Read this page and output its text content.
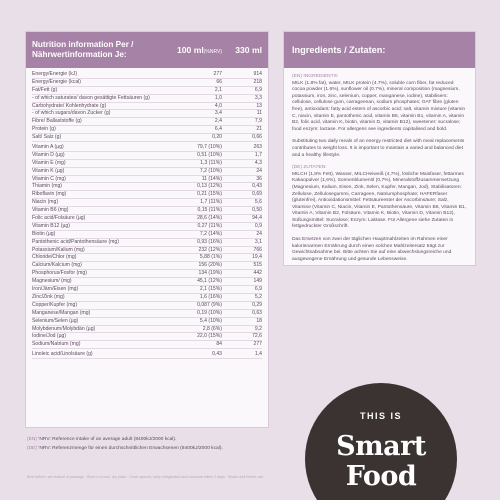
Nutrition information Per /
Nährwertinformation Je:	100 ml(%NRV)	330 ml
Energy/Energie (kJ)	277	914
Energy/Energie (kcal)	66	218
Fat/Fett (g)	2,1	6,9
- of which saturates/ davon gesättigte Fettsäuren (g)	1,0	3,3
Carbohydrate/ Kohlenhydrate (g)	4,0	13
- of which sugars/davon Zucker (g)	3,4	11
Fibre/ Ballaststoffe (g)	2,4	7,9
Protein (g)	6,4	21
Salt/ Salz (g)	0,20	0,66
Vitamin A (µg)	79,7 (10%)	263
Vitamin D (µg)	0,51 (10%)	1,7
Vitamin E (mg)	1,3 (11%)	4,3
Vitamin K (µg)	7,2 (10%)	24
Vitamin C (mg)	11 (14%)	36
Thiamin (mg)	0,13 (12%)	0,43
Riboflavin (mg)	0,21 (15%)	0,69
Niacin (mg)	1,7 (11%)	5,6
Vitamin B6 (mg)	0,15 (11%)	0,50
Folic acid/Folsäure (µg)	28,6 (14%)	94,4
Vitamin B12 (µg)	0,27 (11%)	0,9
Biotin (µg)	7,2 (14%)	24
Pantothenic acid/Pantothensäure (mg)	0,93 (16%)	3,1
Potassium/Kalium (mg)	232 (12%)	766
Chloride/Chlor (mg)	5,88 (1%)	19,4
Calcium/Kalcium (mg)	156 (20%)	515
Phosphorus/Fosfor (mg)	134 (19%)	442
Magnesium/ (mg)	45,1 (12%)	149
Iron/Järn/Eisen (mg)	2,1 (15%)	6,9
Zinc/Zink (mg)	1,6 (16%)	5,2
Copper/Kupfer (mg)	0,087 (9%)	0,29
Manganese/Mangan (mg)	0,19 (10%)	0,63
Selenium/Selen (µg)	5,4 (10%)	18
Molybdenum/Molybdän (µg)	2,8 (6%)	9,2
Iodine/Jod (µg)	22,0 (15%)	72,6
Sodium/Natrium (mg)	84	277
Linoleic acid/Linolsäure (g)	0,43	1,4
(EN) 'NRV: Reference intake of an average adult (8400kJ/2000 kcal).
(DE) 'NRV: Referenzmenge für einen durchschnittlichen Erwachsenen (8400kJ/2000 kcal).
Ingredients / Zutaten:

(EN) INGREDIENTS:
MILK (1.8% fat), water, MILK protein (4.7%), soluble corn fiber, fat reduced cocoa powder (1.6%), sunflower oil (0.7%), mineral composition (magnesium, potassium, iron, zinc, selenium, copper, manganese, iodine), stabilisers: cellulose, cellulose gum, carrageenan, sodium phosphates; OAT fibre (gluten free), antioxidant: fatty acid esters of ascorbic acid; salt, vitamin mixture (vitamin C, niacin, vitamin E, pantothenic acid, vitamin B6, vitamin B1, vitamin A, vitamin B2, folic acid, vitamin K, biotin, vitamin D, vitamin B12), sweetener: sucralose; food enzym: lactase. For allergens see ingredients capitalised and bold.

Substituting two daily meals of an energy restricted diet with meal replacements contributes to weight loss. It is important to maintain a varied and balanced diet and a healthy lifestyle.

(DE) ZUTATEN:
MILCH (1,8% Fett), Wasser, MILCHeiweiß (4,7%), lösliche Maisfaser, fettarmes Kakaopulver (1,6%), Sonnenblumenöl (0,7%), Mineralstoffzusammensetzung (Magnesium, Kalium, Eisen, Zink, Selen, Kupfer, Mangan, Jod), Stabilisatoren: Zellulose, Zellulosegummi, Carrageen, Natriumphosphate; HAFERfaser (glutenfrei), Antioxidationsmittel: Fettsäureester der Ascorbinsäure; Salz, Vitamine (Vitamin C, Niacin, Vitamin E, Pantothensäure, Vitamin B6, Vitamin B1, Vitamin A, Vitamin B2, Folsäure, Vitamin K, Biotin, Vitamin D, Vitamin B12), Süßungsmittel: Sucralose; Enzym: Laktase. Für Allergene siehe Zutaten in fettgedruckter Großschrift.

Das Ersetzen von zwei der täglichen Hauptmahlzeiten im Rahmen einer kalorienarmen Ernährung durch einen solchen Mahlzeitersatz trägt zur Gewichtsabnahme bei. Bitte achten Sie auf eine abwechslungsreiche und ausgewogene Ernährung und gesunde Lebensweise.

THIS IS
Smart
Food
Best before: see bottom of package · Store in a cool, dry place · Once opened, keep refrigerated and consume within 2 days · Shake well before use
